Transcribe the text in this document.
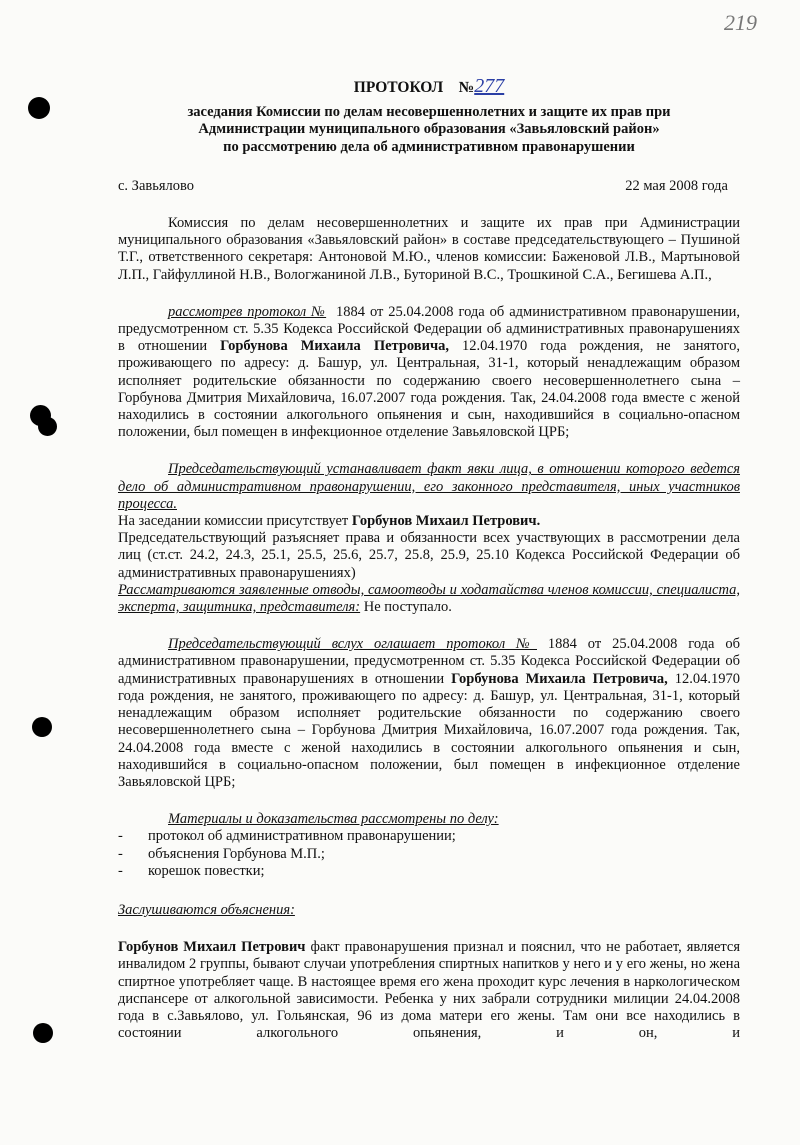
219

ПРОТОКОЛ №277

заседания Комиссии по делам несовершеннолетних и защите их прав при

Администрации муниципального образования «Завьяловский район»

по рассмотрению дела об административном правонарушении

с. Завьялово	22 мая 2008 года

Комиссия по делам несовершеннолетних и защите их прав при Администрации муниципального образования «Завьяловский район» в составе председательствующего – Пушиной Т.Г., ответственного секретаря: Антоновой М.Ю., членов комиссии: Баженовой Л.В., Мартыновой Л.П., Гайфуллиной Н.В., Вологжаниной Л.В., Буториной В.С., Трошкиной С.А., Бегишева А.П.,

рассмотрев протокол № 1884 от 25.04.2008 года об административном правонарушении, предусмотренном ст. 5.35 Кодекса Российской Федерации об административных правонарушениях в отношении Горбунова Михаила Петровича, 12.04.1970 года рождения, не занятого, проживающего по адресу: д. Башур, ул. Центральная, 31-1, который ненадлежащим образом исполняет родительские обязанности по содержанию своего несовершеннолетнего сына – Горбунова Дмитрия Михайловича, 16.07.2007 года рождения. Так, 24.04.2008 года вместе с женой находились в состоянии алкогольного опьянения и сын, находившийся в социально-опасном положении, был помещен в инфекционное отделение Завьяловской ЦРБ;

Председательствующий устанавливает факт явки лица, в отношении которого ведется дело об административном правонарушении, его законного представителя, иных участников процесса.

На заседании комиссии присутствует Горбунов Михаил Петрович.

Председательствующий разъясняет права и обязанности всех участвующих в рассмотрении дела лиц (ст.ст. 24.2, 24.3, 25.1, 25.5, 25.6, 25.7, 25.8, 25.9, 25.10 Кодекса Российской Федерации об административных правонарушениях)

Рассматриваются заявленные отводы, самоотводы и ходатайства членов комиссии, специалиста, эксперта, защитника, представителя: Не поступало.

Председательствующий вслух оглашает протокол № 1884 от 25.04.2008 года об административном правонарушении, предусмотренном ст. 5.35 Кодекса Российской Федерации об административных правонарушениях в отношении Горбунова Михаила Петровича, 12.04.1970 года рождения, не занятого, проживающего по адресу: д. Башур, ул. Центральная, 31-1, который ненадлежащим образом исполняет родительские обязанности по содержанию своего несовершеннолетнего сына – Горбунова Дмитрия Михайловича, 16.07.2007 года рождения. Так, 24.04.2008 года вместе с женой находились в состоянии алкогольного опьянения и сын, находившийся в социально-опасном положении, был помещен в инфекционное отделение Завьяловской ЦРБ;

Материалы и доказательства рассмотрены по делу:

- протокол об административном правонарушении;
- объяснения Горбунова М.П.;
- корешок повестки;

Заслушиваются объяснения:

Горбунов Михаил Петрович факт правонарушения признал и пояснил, что не работает, является инвалидом 2 группы, бывают случаи употребления спиртных напитков у него и у его жены, но жена спиртное употребляет чаще. В настоящее время его жена проходит курс лечения в наркологическом диспансере от алкогольной зависимости. Ребенка у них забрали сотрудники милиции 24.04.2008 года в с.Завьялово, ул. Гольянская, 96 из дома матери его жены. Там они все находились в состоянии алкогольного опьянения, и он, и
